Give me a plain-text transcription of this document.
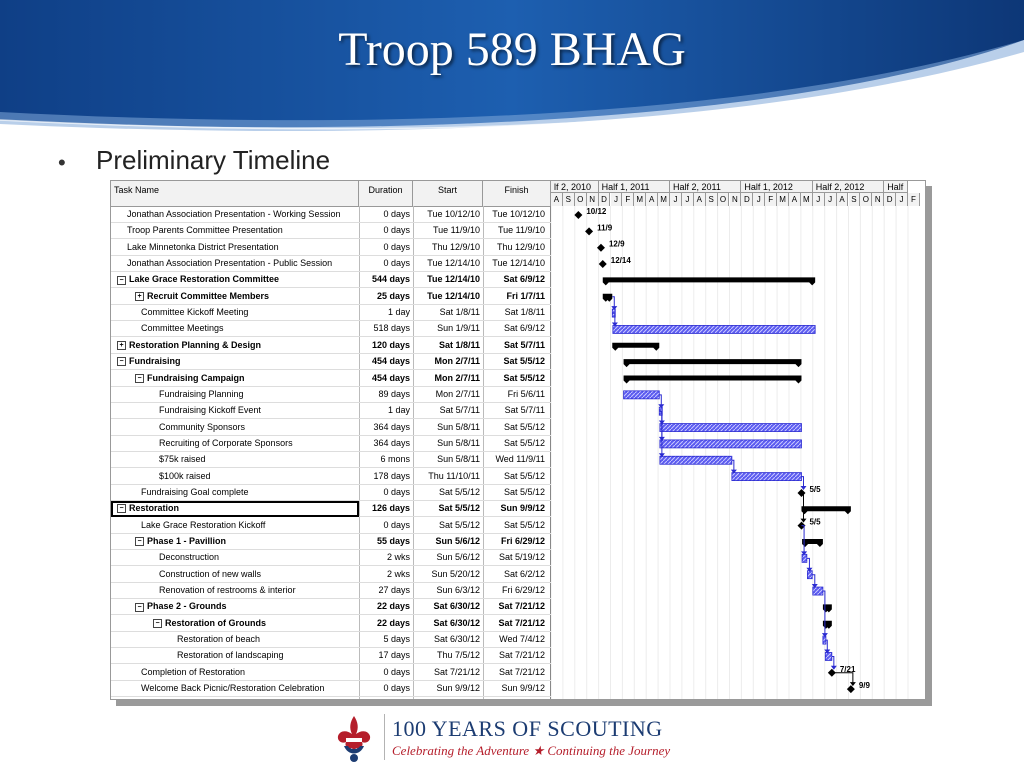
Troop 589 BHAG
• Preliminary Timeline
Task Name	Duration	Start	Finish
Jonathan Association Presentation - Working Session	0 days	Tue 10/12/10	Tue 10/12/10
Troop Parents Committee Presentation	0 days	Tue 11/9/10	Tue 11/9/10
Lake Minnetonka District Presentation	0 days	Thu 12/9/10	Thu 12/9/10
Jonathan Association Presentation - Public Session	0 days	Tue 12/14/10	Tue 12/14/10
− Lake Grace Restoration Committee	544 days	Tue 12/14/10	Sat 6/9/12
+ Recruit Committee Members	25 days	Tue 12/14/10	Fri 1/7/11
Committee Kickoff Meeting	1 day	Sat 1/8/11	Sat 1/8/11
Committee Meetings	518 days	Sun 1/9/11	Sat 6/9/12
+ Restoration Planning & Design	120 days	Sat 1/8/11	Sat 5/7/11
− Fundraising	454 days	Mon 2/7/11	Sat 5/5/12
− Fundraising Campaign	454 days	Mon 2/7/11	Sat 5/5/12
Fundraising Planning	89 days	Mon 2/7/11	Fri 5/6/11
Fundraising Kickoff Event	1 day	Sat 5/7/11	Sat 5/7/11
Community Sponsors	364 days	Sun 5/8/11	Sat 5/5/12
Recruiting of Corporate Sponsors	364 days	Sun 5/8/11	Sat 5/5/12
$75k raised	6 mons	Sun 5/8/11	Wed 11/9/11
$100k raised	178 days	Thu 11/10/11	Sat 5/5/12
Fundraising Goal complete	0 days	Sat 5/5/12	Sat 5/5/12
− Restoration	126 days	Sat 5/5/12	Sun 9/9/12
Lake Grace Restoration Kickoff	0 days	Sat 5/5/12	Sat 5/5/12
− Phase 1 - Pavillion	55 days	Sun 5/6/12	Fri 6/29/12
Deconstruction	2 wks	Sun 5/6/12	Sat 5/19/12
Construction of new walls	2 wks	Sun 5/20/12	Sat 6/2/12
Renovation of restrooms & interior	27 days	Sun 6/3/12	Fri 6/29/12
− Phase 2 - Grounds	22 days	Sat 6/30/12	Sat 7/21/12
− Restoration of Grounds	22 days	Sat 6/30/12	Sat 7/21/12
Restoration of beach	5 days	Sat 6/30/12	Wed 7/4/12
Restoration of landscaping	17 days	Thu 7/5/12	Sat 7/21/12
Completion of Restoration	0 days	Sat 7/21/12	Sat 7/21/12
Welcome Back Picnic/Restoration Celebration	0 days	Sun 9/9/12	Sun 9/9/12
lf 2, 2010	Half 1, 2011	Half 2, 2011	Half 1, 2012	Half 2, 2012	Half
A S O N D J F M A M J J A S O N D J F M A M J J A S O N D J F
10/12
11/9
12/9
12/14
5/5
5/5
7/21
9/9
100 YEARS OF SCOUTING
Celebrating the Adventure ★ Continuing the Journey
